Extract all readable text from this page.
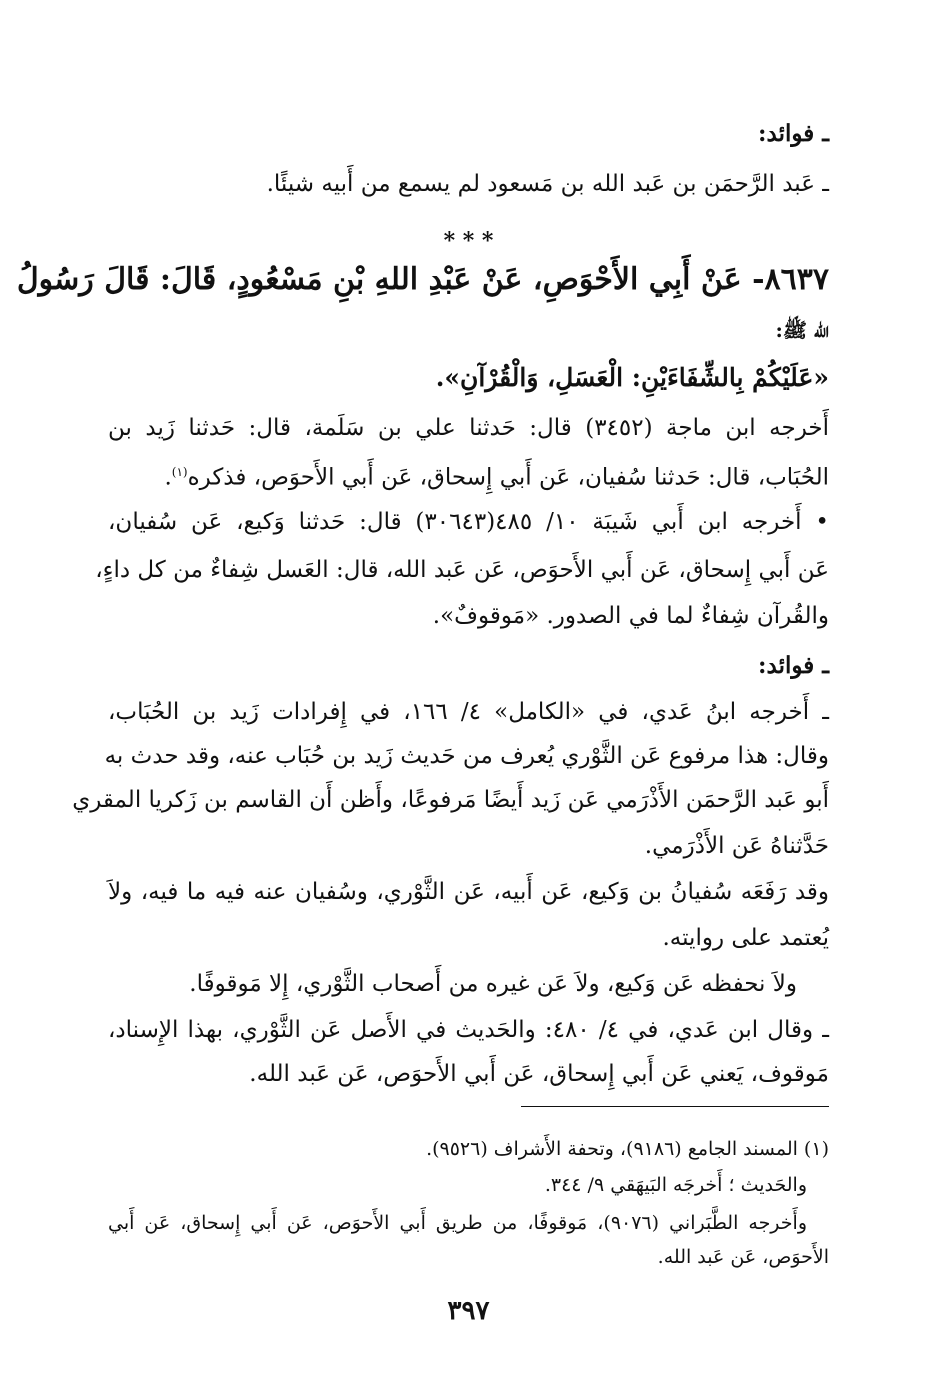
ـ فوائد:
ـ عَبد الرَّحمَن بن عَبد الله بن مَسعود لم يسمع من أَبيه شيئًا.
* * *
٨٦٣٧- عَنْ أَبِي الأَحْوَصِ، عَنْ عَبْدِ اللهِ بْنِ مَسْعُودٍ، قَالَ: قَالَ رَسُولُ
الله ﷺ:
«عَلَيْكُمْ بِالشِّفَاءَيْنِ: الْعَسَلِ، وَالْقُرْآنِ».
أَخرجه ابن ماجة (٣٤٥٢) قال: حَدثنا علي بن سَلَمة، قال: حَدثنا زَيد بن
الحُبَاب، قال: حَدثنا سُفيان، عَن أَبي إِسحاق، عَن أَبي الأَحوَص، فذكره$^{(١)}$.
• أَخرجه ابن أَبي شَيبَة ١٠/ ٤٨٥(٣٠٦٤٣) قال: حَدثنا وَكيع، عَن سُفيان،
عَن أَبي إِسحاق، عَن أَبي الأَحوَص، عَن عَبد الله، قال: العَسل شِفاءٌ من كل داءٍ،
والقُرآن شِفاءٌ لما في الصدور. «مَوقوفٌ».
ـ فوائد:
ـ أَخرجه ابنُ عَدي، في «الكامل» ٤/ ١٦٦، في إِفرادات زَيد بن الحُبَاب،
وقال: هذا مرفوع عَن الثَّوْري يُعرف من حَديث زَيد بن حُبَاب عنه، وقد حدث به
أَبو عَبد الرَّحمَن الأَذْرَمي عَن زَيد أَيضًا مَرفوعًا، وأَظن أَن القاسم بن زَكريا المقري
حَدَّثناهُ عَن الأَذْرَمي.
وقد رَفَعَه سُفيانُ بن وَكيع، عَن أَبيه، عَن الثَّوْري، وسُفيان عنه فيه ما فيه، ولاَ
يُعتمد على روايته.
ولاَ نحفظه عَن وَكيع، ولاَ عَن غيره من أَصحاب الثَّوْري، إِلا مَوقوفًا.
ـ وقال ابن عَدي، في ٤/ ٤٨٠: والحَديث في الأَصل عَن الثَّوْري، بهذا الإِسناد،
مَوقوف، يَعني عَن أَبي إِسحاق، عَن أَبي الأَحوَص، عَن عَبد الله.
(١) المسند الجامع (٩١٨٦)، وتحفة الأَشراف (٩٥٢٦).
والحَديث ؛ أَخرجَه البَيهَقي ٩/ ٣٤٤.
وأَخرجه الطَّبَراني (٩٠٧٦)، مَوقوفًا، من طريق أَبي الأَحوَص، عَن أَبي إِسحاق، عَن أَبي
الأَحوَص، عَن عَبد الله.
٣٩٧
